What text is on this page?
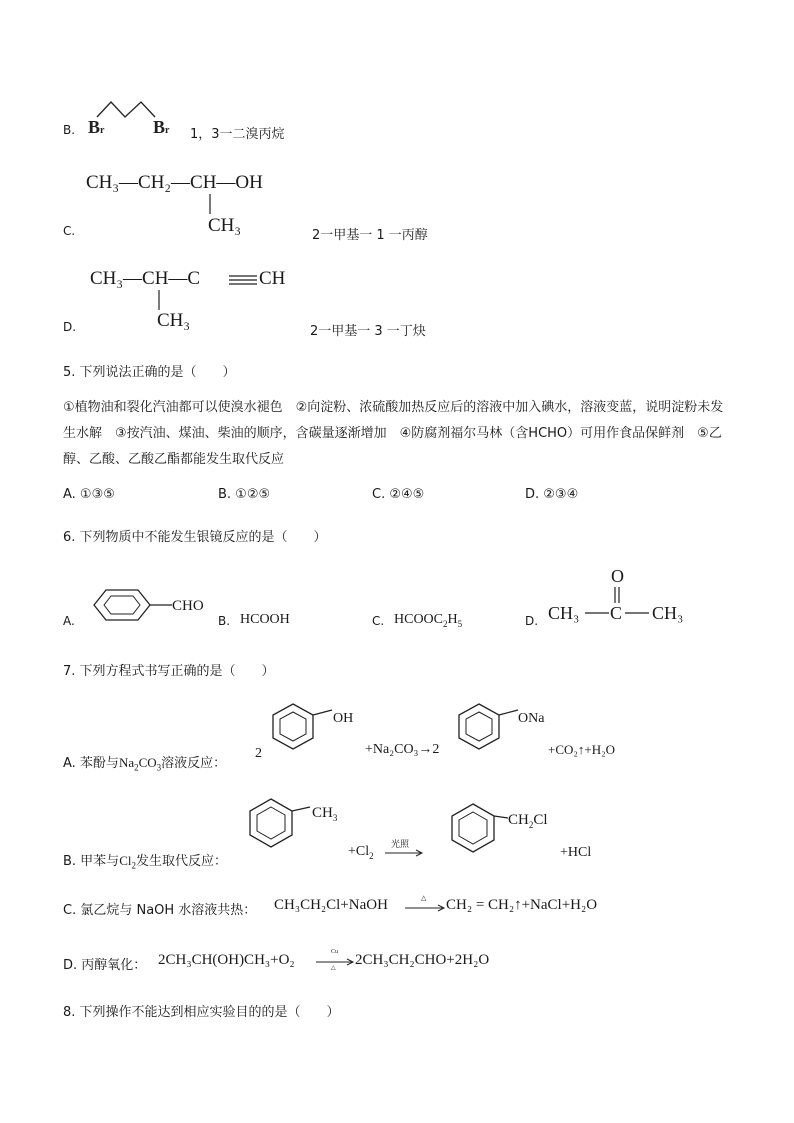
B. Br	Br 1，3一二溴丙烷
CH₃—CH₂—CH—OH
CH₃
C.	2一甲基一 1 一丙醇
CH₃—CH—C	CH
CH₃
D.	2一甲基一 3 一丁炔
5. 下列说法正确的是（　　）
①植物油和裂化汽油都可以使溴水褪色　②向淀粉、浓硫酸加热反应后的溶液中加入碘水，溶液变蓝，说明淀粉未发生水解　③按汽油、煤油、柴油的顺序，含碳量逐渐增加　④防腐剂福尔马林（含HCHO）可用作食品保鲜剂　⑤乙醇、乙酸、乙酸乙酯都能发生取代反应
A. ①③⑤	B. ①②⑤	C. ②④⑤	D. ②③④
6. 下列物质中不能发生银镜反应的是（　　）
A.
CHO
B. HCOOH	C. $HCOOC_2H_5$	D. CH₃
O
C CH₃
7. 下列方程式书写正确的是（　　）
A. 苯酚与$Na_2CO_3$溶液反应：
2
OH
+Na₂CO₃→2
ONa
+CO₂↑+H₂O
$CH_3$
B. 甲苯与$Cl_2$发生取代反应：
$+Cl_2$
光照
$CH_2Cl$
+HCl
C. 氯乙烷与 NaOH 水溶液共热： CH₃CH₂Cl+NaOH	△ CH₂ = CH₂↑+NaCl+H₂O
D. 丙醇氧化： 2CH₃CH(OH)CH₃+O₂	Cu
△ 2CH₃CH₂CHO+2H₂O
8. 下列操作不能达到相应实验目的的是（　　）
